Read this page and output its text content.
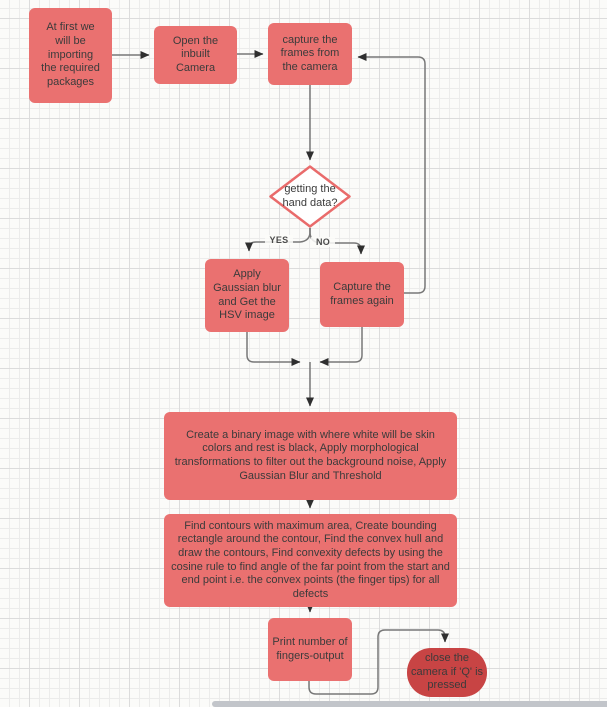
At first we will be importing the required packages
Open the inbuilt Camera
capture the frames from the camera
getting the hand data?
Apply Gaussian blur and Get the HSV image
Capture the frames again
Create a binary image with where white will be skin colors and rest is black, Apply morphological transformations to filter out the background noise, Apply Gaussian Blur and Threshold
Find contours with maximum area, Create bounding rectangle around the contour, Find the convex hull and draw the contours, Find convexity defects by using the cosine rule to find angle of the far point from the start and end point i.e. the convex points (the finger tips) for all defects
Print number of fingers-output	close the camera if 'Q' is pressed
YES	NO
